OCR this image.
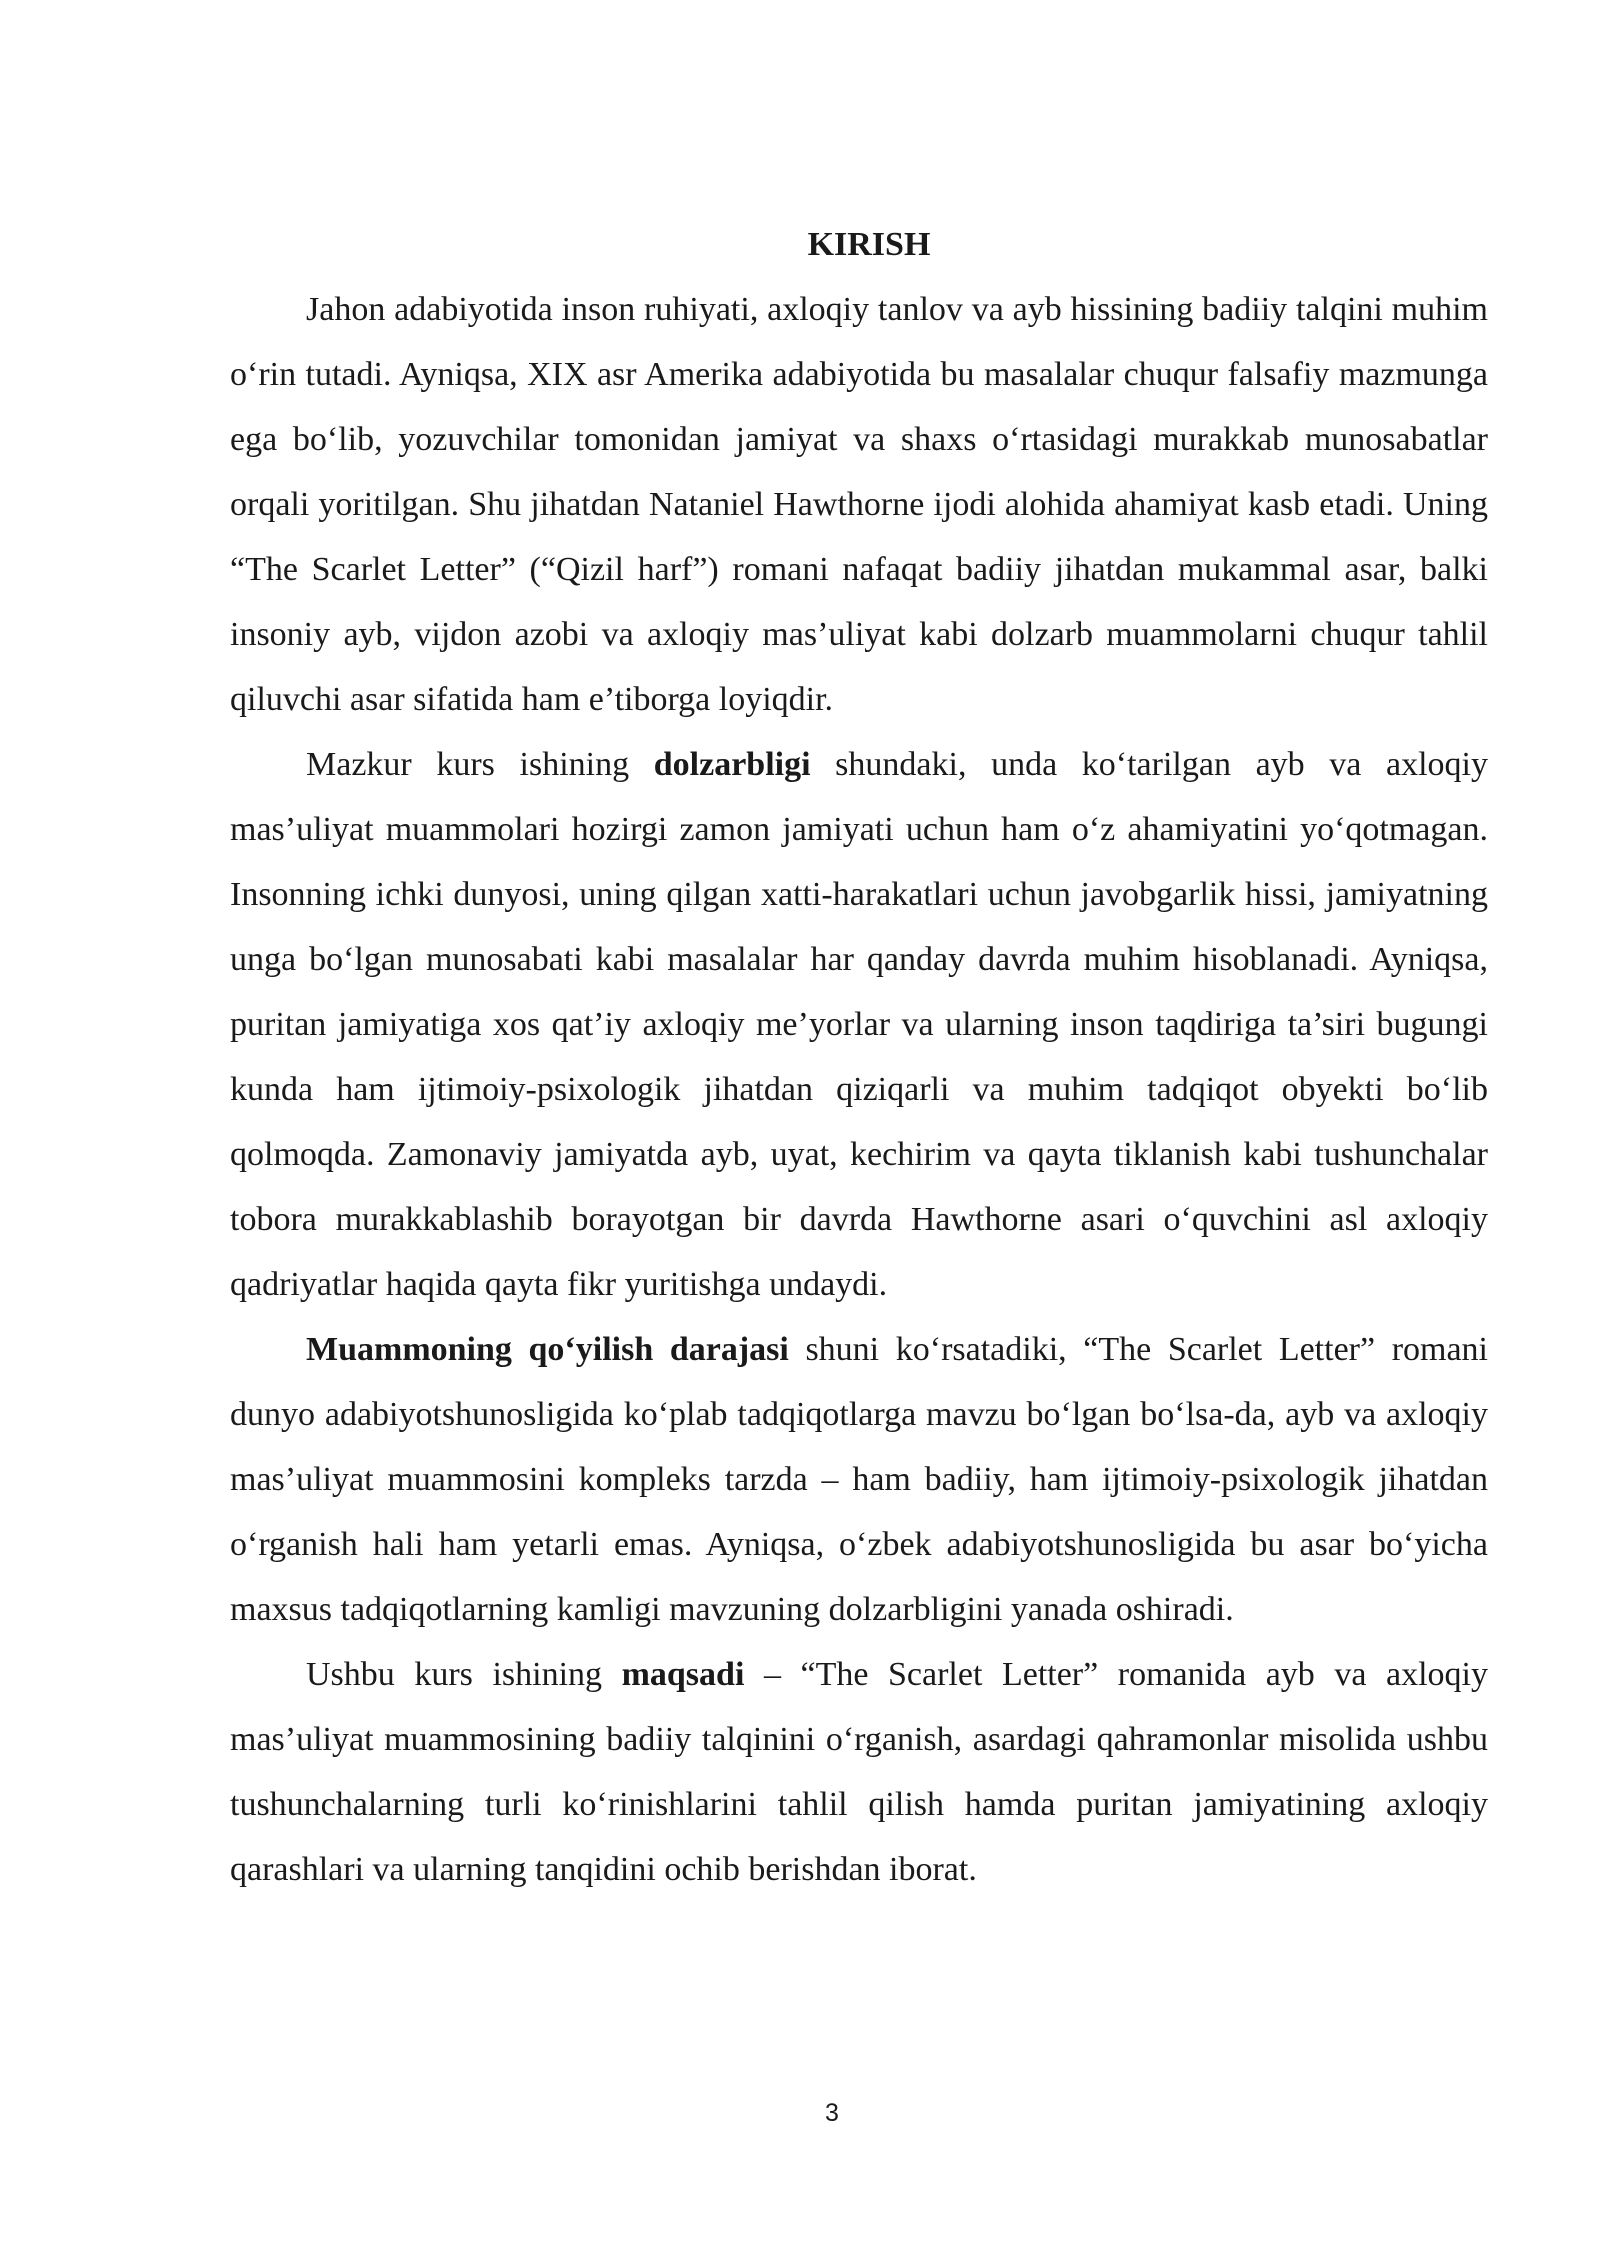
KIRISH

Jahon adabiyotida inson ruhiyati, axloqiy tanlov va ayb hissining badiiy talqini muhim o‘rin tutadi. Ayniqsa, XIX asr Amerika adabiyotida bu masalalar chuqur falsafiy mazmunga ega bo‘lib, yozuvchilar tomonidan jamiyat va shaxs o‘rtasidagi murakkab munosabatlar orqali yoritilgan. Shu jihatdan Nataniel Hawthorne ijodi alohida ahamiyat kasb etadi. Uning “The Scarlet Letter” (“Qizil harf”) romani nafaqat badiiy jihatdan mukammal asar, balki insoniy ayb, vijdon azobi va axloqiy mas’uliyat kabi dolzarb muammolarni chuqur tahlil qiluvchi asar sifatida ham e’tiborga loyiqdir.

Mazkur kurs ishining dolzarbligi shundaki, unda ko‘tarilgan ayb va axloqiy mas’uliyat muammolari hozirgi zamon jamiyati uchun ham o‘z ahamiyatini yo‘qotmagan. Insonning ichki dunyosi, uning qilgan xatti-harakatlari uchun javobgarlik hissi, jamiyatning unga bo‘lgan munosabati kabi masalalar har qanday davrda muhim hisoblanadi. Ayniqsa, puritan jamiyatiga xos qat’iy axloqiy me’yorlar va ularning inson taqdiriga ta’siri bugungi kunda ham ijtimoiy-psixologik jihatdan qiziqarli va muhim tadqiqot obyekti bo‘lib qolmoqda. Zamonaviy jamiyatda ayb, uyat, kechirim va qayta tiklanish kabi tushunchalar tobora murakkablashib borayotgan bir davrda Hawthorne asari o‘quvchini asl axloqiy qadriyatlar haqida qayta fikr yuritishga undaydi.

Muammoning qo‘yilish darajasi shuni ko‘rsatadiki, “The Scarlet Letter” romani dunyo adabiyotshunosligida ko‘plab tadqiqotlarga mavzu bo‘lgan bo‘lsa-da, ayb va axloqiy mas’uliyat muammosini kompleks tarzda – ham badiiy, ham ijtimoiy-psixologik jihatdan o‘rganish hali ham yetarli emas. Ayniqsa, o‘zbek adabiyotshunosligida bu asar bo‘yicha maxsus tadqiqotlarning kamligi mavzuning dolzarbligini yanada oshiradi.

Ushbu kurs ishining maqsadi – “The Scarlet Letter” romanida ayb va axloqiy mas’uliyat muammosining badiiy talqinini o‘rganish, asardagi qahramonlar misolida ushbu tushunchalarning turli ko‘rinishlarini tahlil qilish hamda puritan jamiyatining axloqiy qarashlari va ularning tanqidini ochib berishdan iborat.

3
